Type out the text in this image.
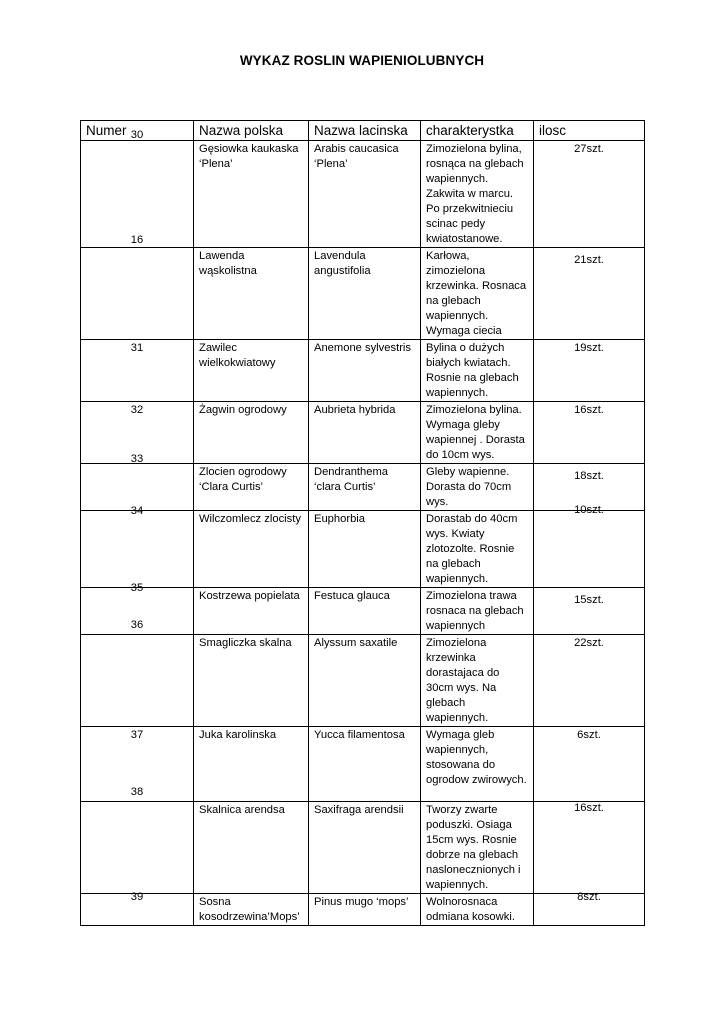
WYKAZ ROSLIN WAPIENIOLUBNYCH
Numer	Nazwa polska	Nazwa lacinska	charakterystka	ilosc
30	Gęsiowka kaukaska ‘Plena’	Arabis caucasica ‘Plena’	Zimozielona bylina, rosnąca na glebach wapiennych. Zakwita w marcu. Po przekwitnieciu scinac pedy kwiatostanowe.	27szt.
16	Lawenda wąskolistna	Lavendula angustifolia	Karłowa, zimozielona krzewinka. Rosnaca na glebach wapiennych. Wymaga ciecia	21szt.
31	Zawilec wielkokwiatowy	Anemone sylvestris	Bylina o dużych białych kwiatach. Rosnie na glebach wapiennych.	19szt.
32	Żagwin ogrodowy	Aubrieta hybrida	Zimozielona bylina. Wymaga gleby wapiennej . Dorasta do 10cm wys.	16szt.
33	Zlocien ogrodowy ‘Clara Curtis’	Dendranthema ‘clara Curtis’	Gleby wapienne. Dorasta do 70cm wys.	18szt.
34	Wilczomlecz zlocisty	Euphorbia	Dorastab do 40cm wys. Kwiaty zlotozolte. Rosnie na glebach wapiennych.	10szt.
35	Kostrzewa popielata	Festuca glauca	Zimozielona trawa rosnaca na glebach wapiennych	15szt.
36	Smagliczka skalna	Alyssum saxatile	Zimozielona krzewinka dorastajaca do 30cm wys. Na glebach wapiennych.	22szt.
37	Juka karolinska	Yucca filamentosa	Wymaga gleb wapiennych, stosowana do ogrodow zwirowych.	6szt.
38	Skalnica arendsa	Saxifraga arendsii	Tworzy zwarte poduszki. Osiaga 15cm wys. Rosnie dobrze na glebach naslonecznionych i wapiennych.	16szt.
39	Sosna kosodrzewina’Mops’	Pinus mugo ‘mops’	Wolnorosnaca odmiana kosowki.	8szt.
